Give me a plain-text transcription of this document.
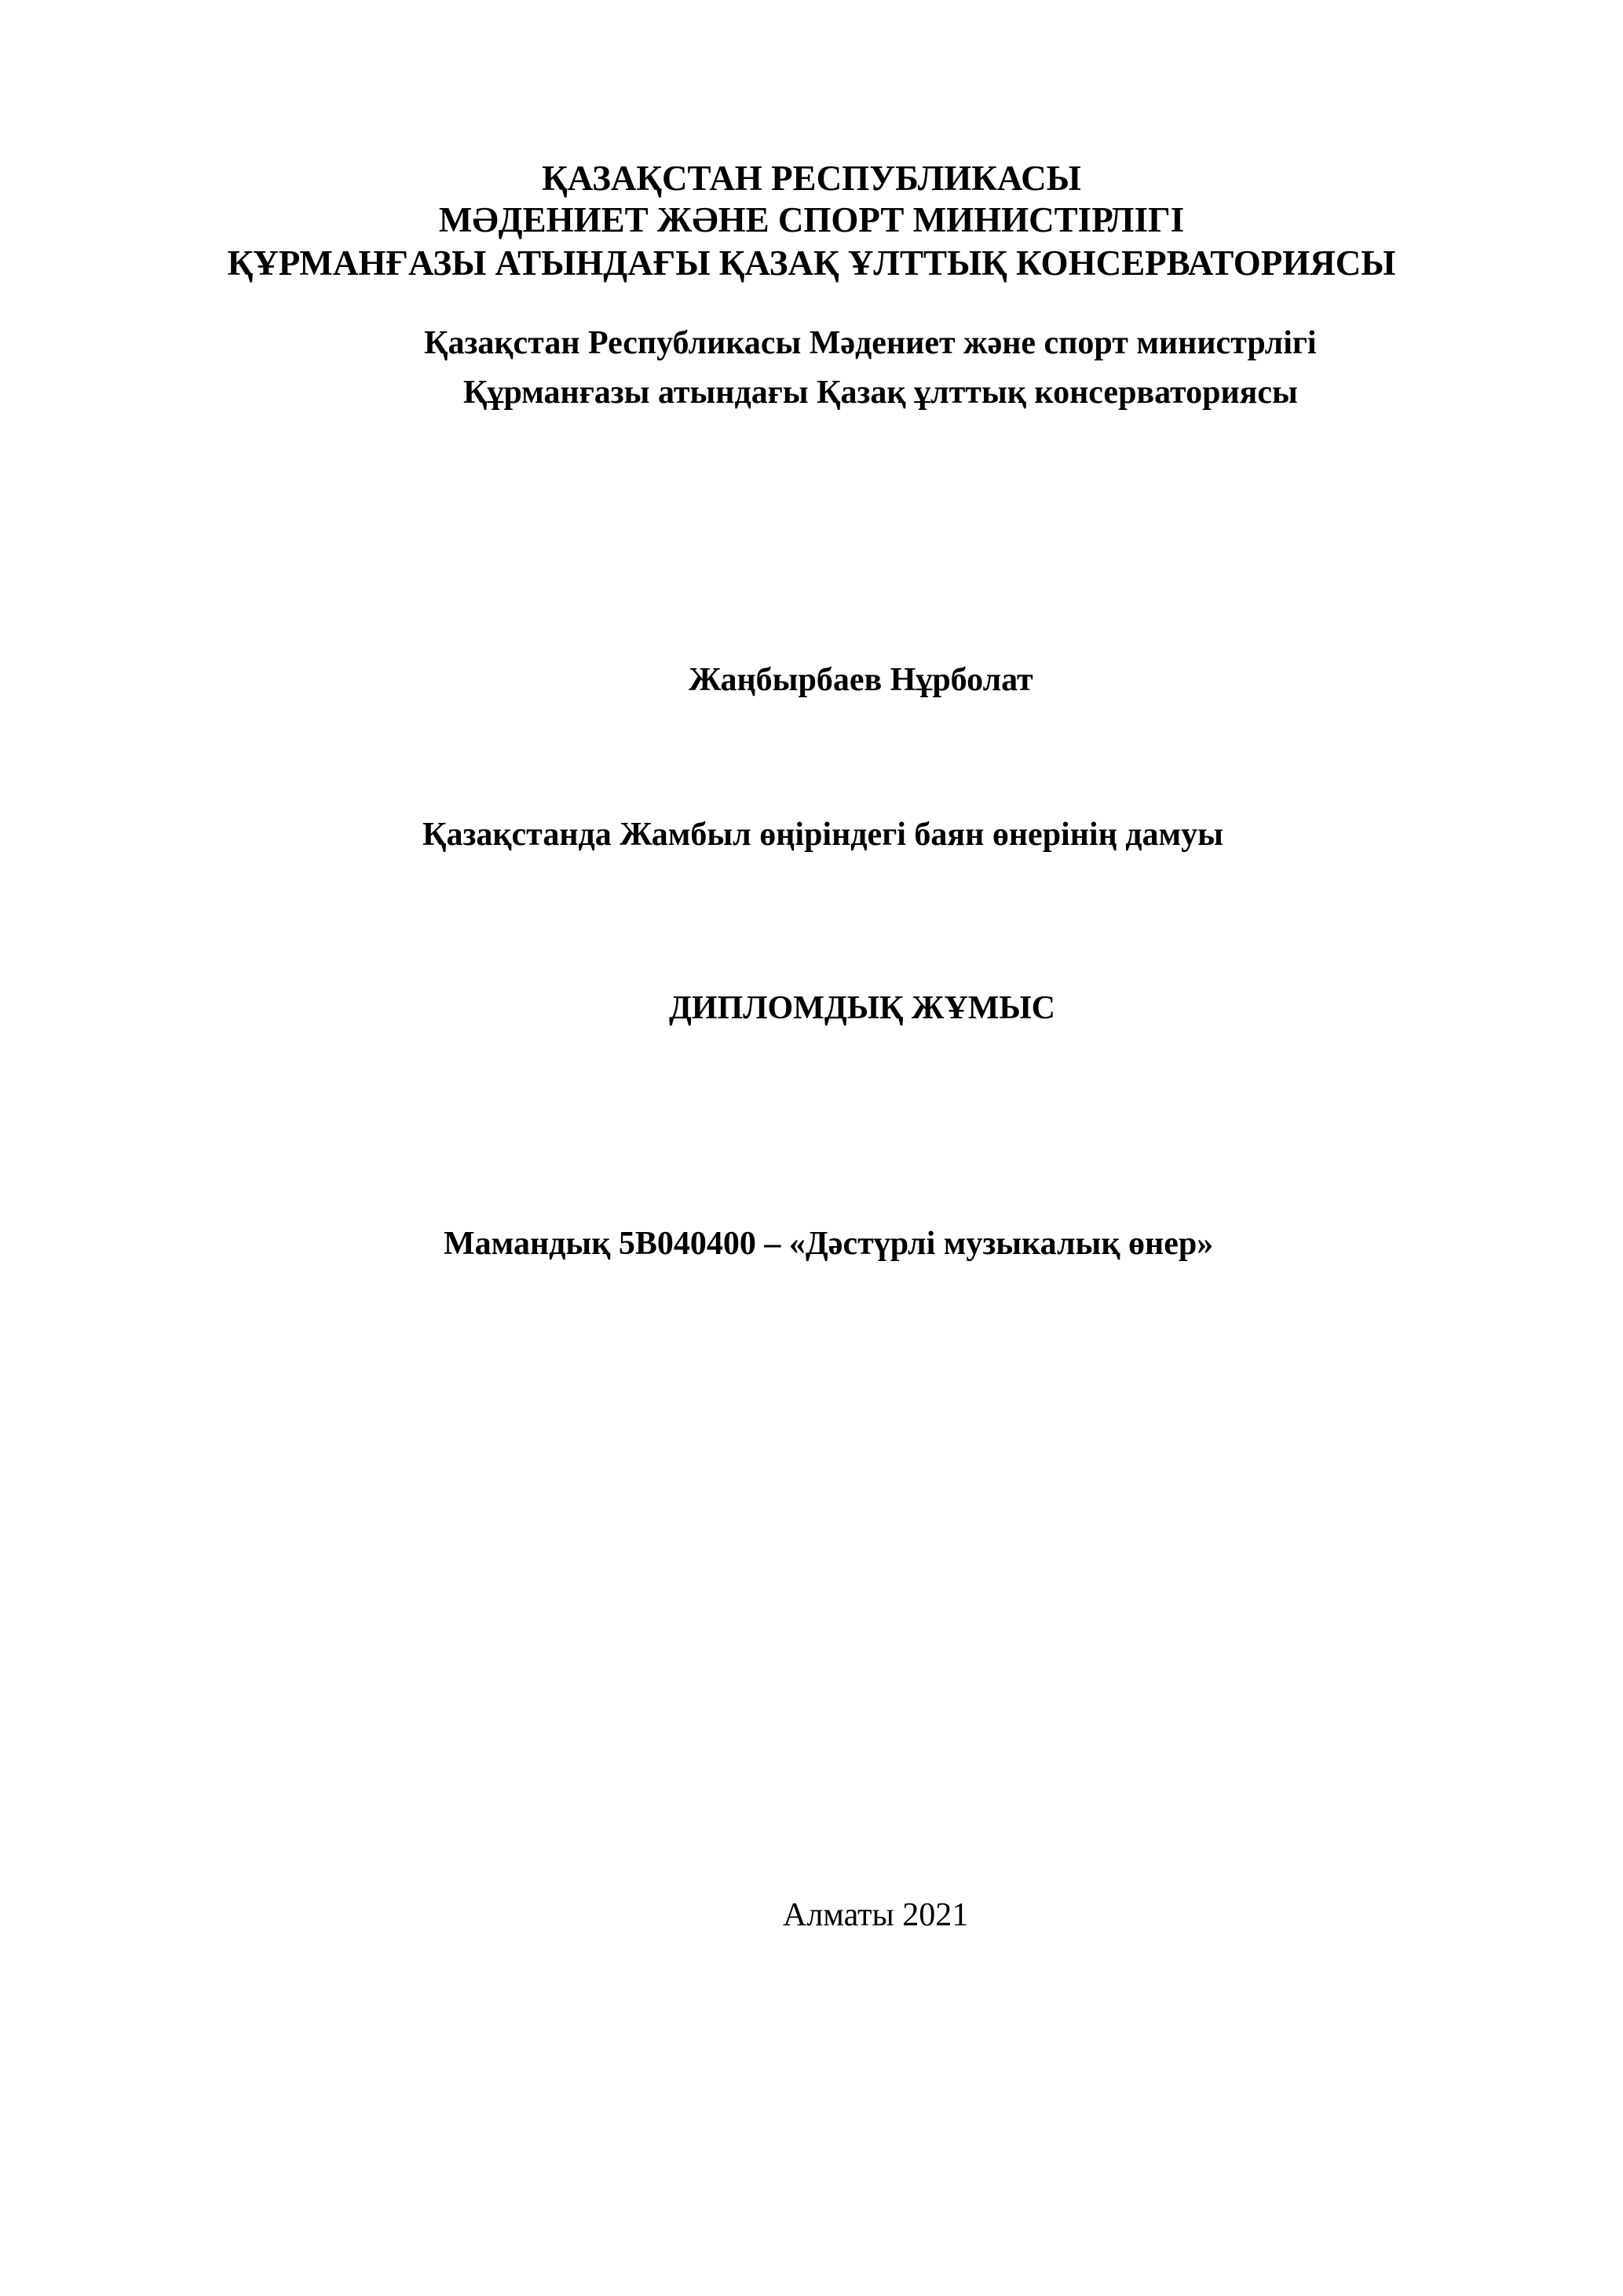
ҚАЗАҚСТАН РЕСПУБЛИКАСЫ
МӘДЕНИЕТ ЖӘНЕ СПОРТ МИНИСТІРЛІГІ
ҚҰРМАНҒАЗЫ АТЫНДАҒЫ ҚАЗАҚ ҰЛТТЫҚ КОНСЕРВАТОРИЯСЫ
Қазақстан Республикасы Мәдениет және спорт министрлігі
Құрманғазы атындағы Қазақ ұлттық консерваториясы
Жаңбырбаев Нұрболат
Қазақстанда Жамбыл өңіріндегі баян өнерінің дамуы
ДИПЛОМДЫҚ ЖҰМЫС
Мамандық 5В040400 – «Дәстүрлі музыкалық өнер»
Алматы 2021
